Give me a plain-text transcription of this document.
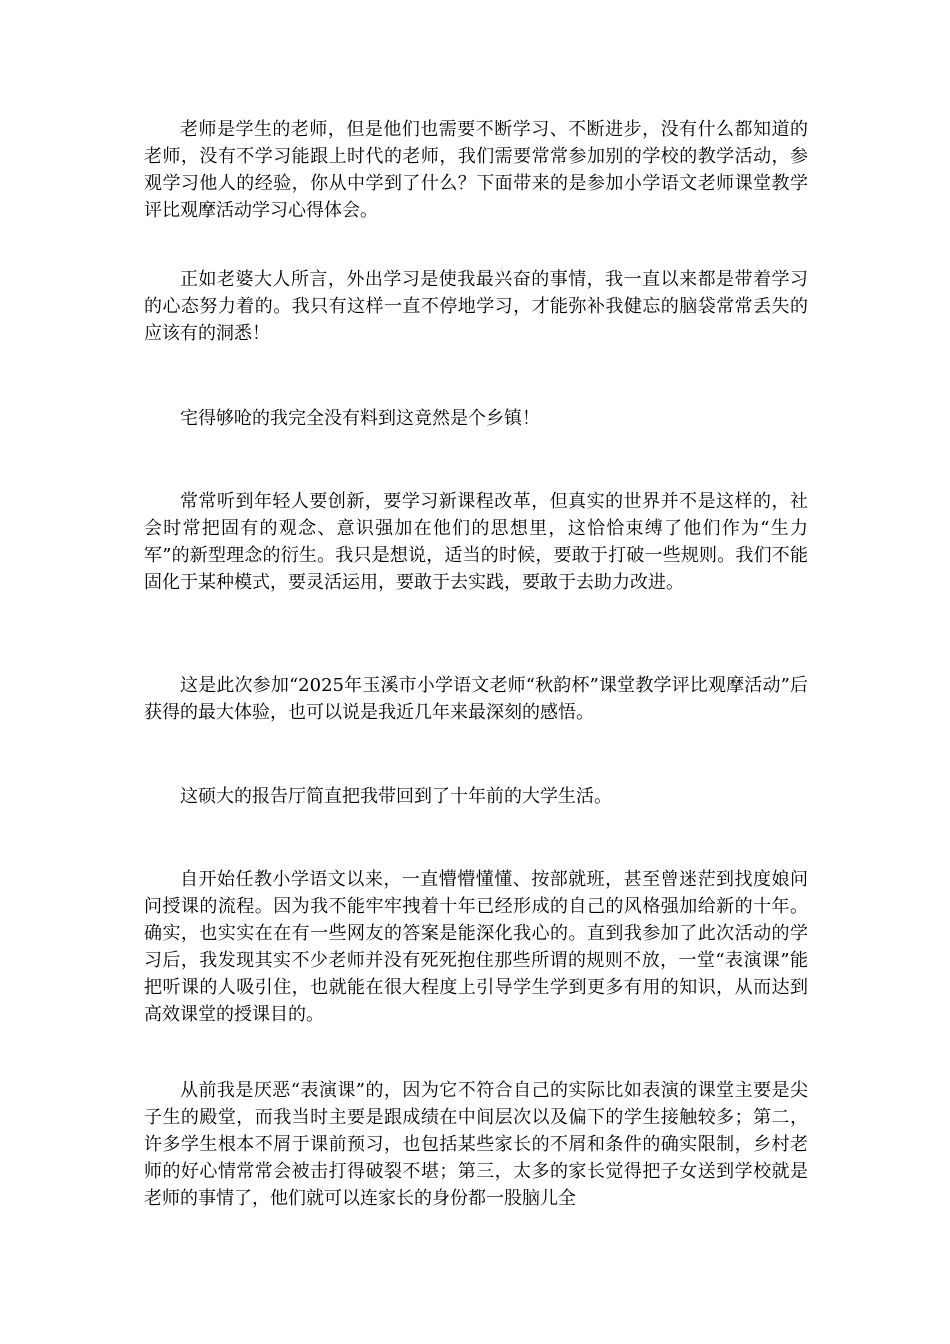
老师是学生的老师，但是他们也需要不断学习、不断进步，没有什么都知道的老师，没有不学习能跟上时代的老师，我们需要常常参加别的学校的教学活动，参观学习他人的经验，你从中学到了什么？下面带来的是参加小学语文老师课堂教学评比观摩活动学习心得体会。

正如老婆大人所言，外出学习是使我最兴奋的事情，我一直以来都是带着学习的心态努力着的。我只有这样一直不停地学习，才能弥补我健忘的脑袋常常丢失的应该有的洞悉！

宅得够呛的我完全没有料到这竟然是个乡镇！

常常听到年轻人要创新，要学习新课程改革，但真实的世界并不是这样的，社会时常把固有的观念、意识强加在他们的思想里，这恰恰束缚了他们作为“生力军”的新型理念的衍生。我只是想说，适当的时候，要敢于打破一些规则。我们不能固化于某种模式，要灵活运用，要敢于去实践，要敢于去助力改进。

这是此次参加“2025年玉溪市小学语文老师“秋韵杯”课堂教学评比观摩活动”后获得的最大体验，也可以说是我近几年来最深刻的感悟。

这硕大的报告厅简直把我带回到了十年前的大学生活。

自开始任教小学语文以来，一直懵懵懂懂、按部就班，甚至曾迷茫到找度娘问问授课的流程。因为我不能牢牢拽着十年已经形成的自己的风格强加给新的十年。确实，也实实在在有一些网友的答案是能深化我心的。直到我参加了此次活动的学习后，我发现其实不少老师并没有死死抱住那些所谓的规则不放，一堂“表演课”能把听课的人吸引住，也就能在很大程度上引导学生学到更多有用的知识，从而达到高效课堂的授课目的。

从前我是厌恶“表演课”的，因为它不符合自己的实际比如表演的课堂主要是尖子生的殿堂，而我当时主要是跟成绩在中间层次以及偏下的学生接触较多；第二，许多学生根本不屑于课前预习，也包括某些家长的不屑和条件的确实限制，乡村老师的好心情常常会被击打得破裂不堪；第三，太多的家长觉得把子女送到学校就是老师的事情了，他们就可以连家长的身份都一股脑儿全
